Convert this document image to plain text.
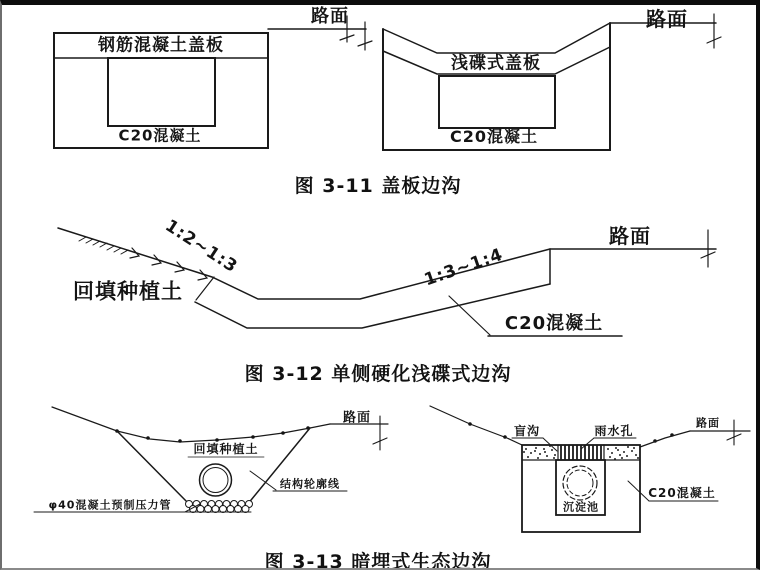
钢筋混凝土盖板
C20混凝土
路面
浅碟式盖板
C20混凝土
路面
图 3-11 盖板边沟
回填种植土
1:2~1:3	1:3~1:4
路面
C20混凝土
图 3-12 单侧硬化浅碟式边沟
回填种植土
路面
结构轮廓线
φ40混凝土预制压力管
盲沟	雨水孔
路面
沉淀池
C20混凝土
图 3-13 暗埋式生态边沟
